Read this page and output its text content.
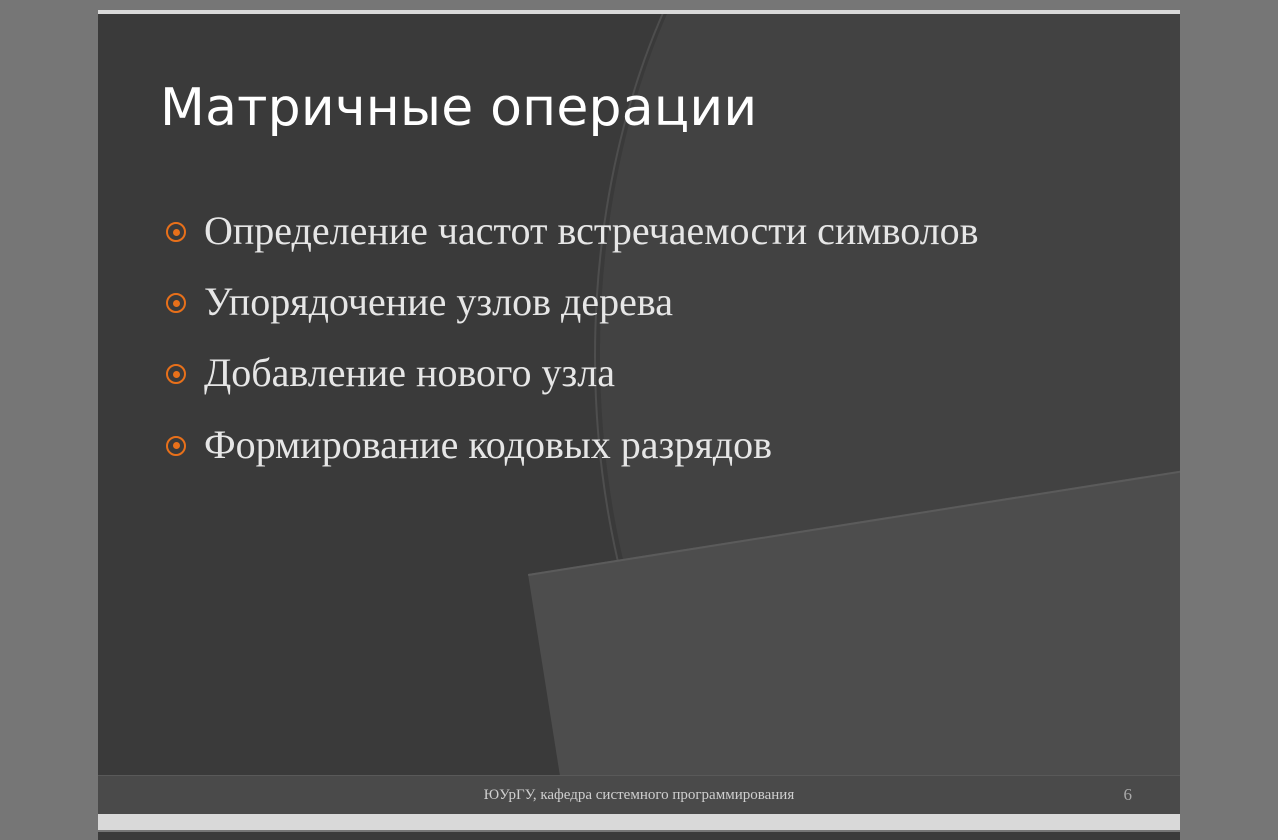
Матричные операции
Определение частот встречаемости символов
Упорядочение узлов дерева
Добавление нового узла
Формирование кодовых разрядов
ЮУрГУ, кафедра системного программирования	6
